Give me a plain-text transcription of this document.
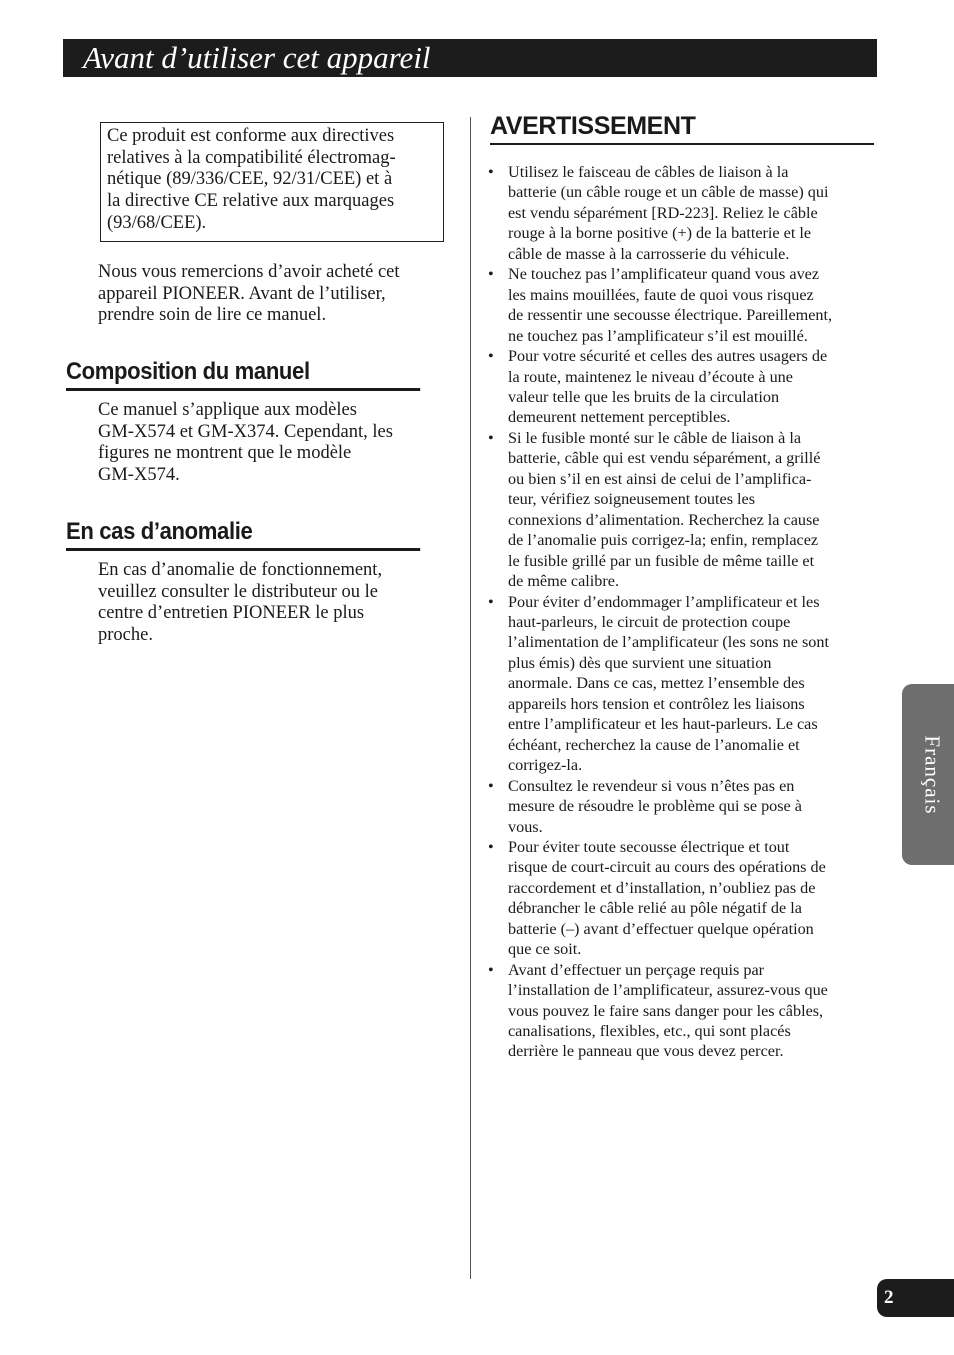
Avant d’utiliser cet appareil
Ce produit est conforme aux directives
relatives à la compatibilité électromag-
nétique (89/336/CEE, 92/31/CEE) et à
la directive CE relative aux marquages
(93/68/CEE).
Nous vous remercions d’avoir acheté cet
appareil PIONEER. Avant de l’utiliser,
prendre soin de lire ce manuel.
Composition du manuel
Ce manuel s’applique aux modèles
GM-X574 et GM-X374. Cependant, les
figures ne montrent que le modèle
GM-X574.
En cas d’anomalie
En cas d’anomalie de fonctionnement,
veuillez consulter le distributeur ou le
centre d’entretien PIONEER le plus
proche.
AVERTISSEMENT
• Utilisez le faisceau de câbles de liaison à la
batterie (un câble rouge et un câble de masse) qui
est vendu séparément [RD-223]. Reliez le câble
rouge à la borne positive (+) de la batterie et le
câble de masse à la carrosserie du véhicule.
• Ne touchez pas l’amplificateur quand vous avez
les mains mouillées, faute de quoi vous risquez
de ressentir une secousse électrique. Pareillement,
ne touchez pas l’amplificateur s’il est mouillé.
• Pour votre sécurité et celles des autres usagers de
la route, maintenez le niveau d’écoute à une
valeur telle que les bruits de la circulation
demeurent nettement perceptibles.
• Si le fusible monté sur le câble de liaison à la
batterie, câble qui est vendu séparément, a grillé
ou bien s’il en est ainsi de celui de l’amplifica-
teur, vérifiez soigneusement toutes les
connexions d’alimentation. Recherchez la cause
de l’anomalie puis corrigez-la; enfin, remplacez
le fusible grillé par un fusible de même taille et
de même calibre.
• Pour éviter d’endommager l’amplificateur et les
haut-parleurs, le circuit de protection coupe
l’alimentation de l’amplificateur (les sons ne sont
plus émis) dès que survient une situation
anormale. Dans ce cas, mettez l’ensemble des
appareils hors tension et contrôlez les liaisons
entre l’amplificateur et les haut-parleurs. Le cas
échéant, recherchez la cause de l’anomalie et
corrigez-la.
• Consultez le revendeur si vous n’êtes pas en
mesure de résoudre le problème qui se pose à
vous.
• Pour éviter toute secousse électrique et tout
risque de court-circuit au cours des opérations de
raccordement et d’installation, n’oubliez pas de
débrancher le câble relié au pôle négatif de la
batterie (–) avant d’effectuer quelque opération
que ce soit.
• Avant d’effectuer un perçage requis par
l’installation de l’amplificateur, assurez-vous que
vous pouvez le faire sans danger pour les câbles,
canalisations, flexibles, etc., qui sont placés
derrière le panneau que vous devez percer.
Français
2
